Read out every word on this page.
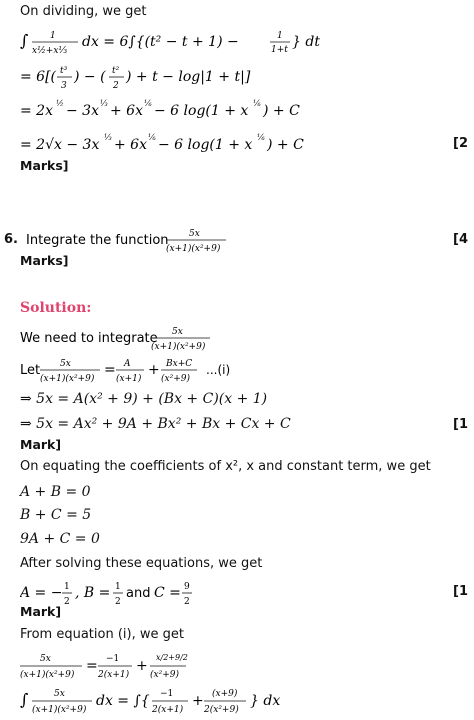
On dividing, we get
∫ 1
x½+x⅓
dx = 6∫{(t² − t + 1) −	1
1+t } dt
= 6[( t³
3
) − ( t²
2
) + t − log|1 + t|]
= 2x ½ − 3x ⅓ + 6x ⅙ − 6 log(1 + x ⅙ ) + C
= 2√x − 3x ⅓ + 6x ⅙ − 6 log(1 + x ⅙ ) + C	[2
Marks]
6. Integrate the function 5x
(x+1)(x²+9)
[4
Marks]
Solution:
We need to integrate 5x
(x+1)(x²+9)
Let 5x
(x+1)(x²+9)
= A
(x+1)
+ Bx+C
(x²+9)
...(i)
⇒ 5x = A(x² + 9) + (Bx + C)(x + 1)
⇒ 5x = Ax² + 9A + Bx² + Bx + Cx + C	[1
Mark]
On equating the coefficients of x², x and constant term, we get
A + B = 0
B + C = 5
9A + C = 0
After solving these equations, we get
A = − 1
2
, B = 1
2
and C = 9
2
[1
Mark]
From equation (i), we get
5x
(x+1)(x²+9)
= −1
2(x+1)
+
x/2+9/2
(x²+9)
∫	5x
(x+1)(x²+9)
dx = ∫{ −1
2(x+1)
+ (x+9)
2(x²+9)
} dx
